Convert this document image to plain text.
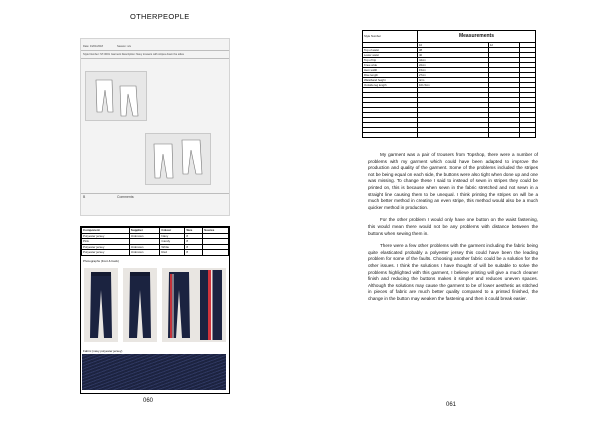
OTHERPEOPLE
Date: 01/01/2018	Season: n/a
Style Number: ST-0001 Garment Description: Navy trousers with stripes down the sides
B	Comments:
Component	Supplier	Colour	Size	Source
Polyester jersey	Unknown	Navy	8	
Pink		Candy	8	
Polyester jersey	Unknown	White	8	
Polyester jersey	Unknown	Red	8	
Photographs (front & back)
Fabric (navy polyester jersey)
060
Style Number	Measurements		
	10	12	
Top of waist	38		
Lower waist	40		
Top of hip	44cm		
Knee wide	22cm		
Hem width	15cm		
Rise length	27cm		
Waistband height	4cm		
Outside leg length	101.5cm		

My garment was a pair of trousers from Topshop, there were a number of problems with my garment which could have been adapted to improve the production and quality of the garment. Some of the problems included the stripes not be being equal on each side, the buttons were also tight when done up and one was missing. To change these I said to instead of sewn in stripes they could be printed on, this is because when sewn in the fabric stretched and not sewn in a straight line causing them to be unequal. I think printing the stripes on will be a much better method in creating an even stripe, this method would also be a much quicker method in production.

For the other problem I would only have one button on the waist fastening, this would mean there would not be any problems with distance between the buttons when sewing them in.

There were a few other problems with the garment including the fabric being quite elasticated probably a polyester jersey this could have been the leading problem for some of the faults. Choosing another fabric could be a solution for the other issues. I think the solutions I have thought of will be suitable to solve the problems highlighted with this garment, I believe printing will give a much cleaner finish and reducing the buttons makes it simpler and reduces uneven spaces. Although the solutions may cause the garment to be of lower aesthetic as stitched in pieces of fabric are much better quality compared to a printed finished, the change in the button may weaken the fastening and then it could break easier.

061
